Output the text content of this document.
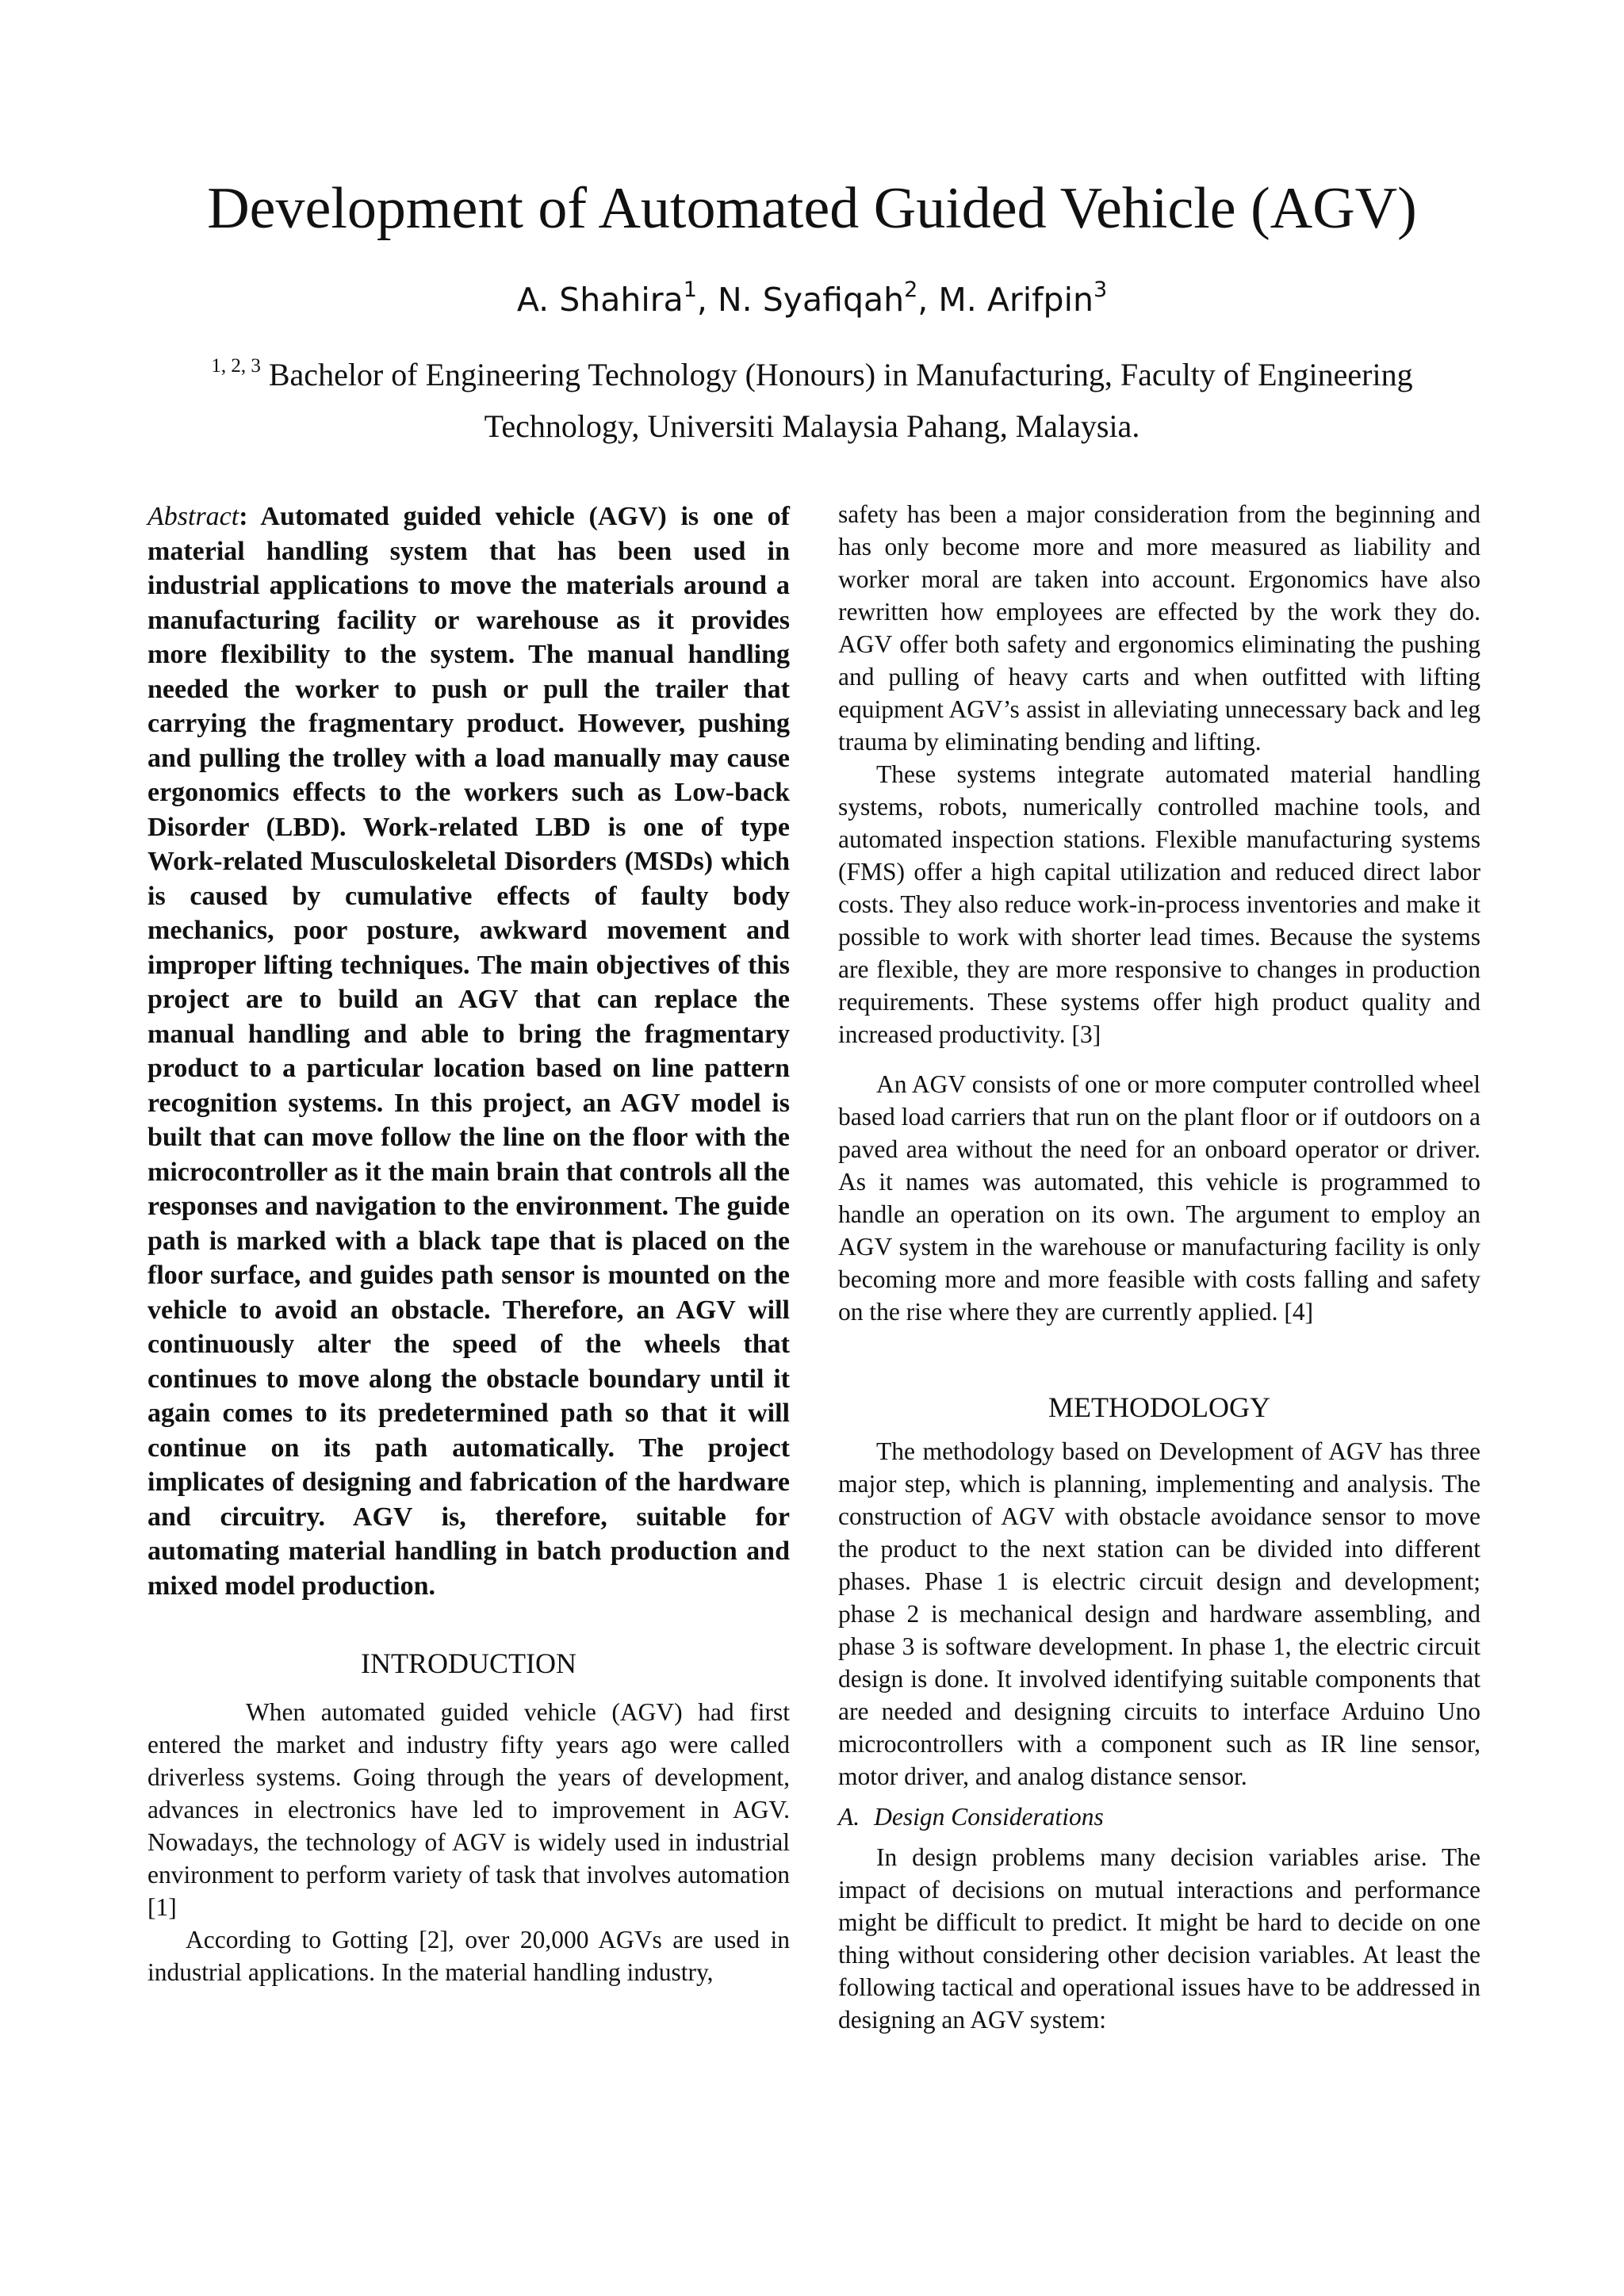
Development of Automated Guided Vehicle (AGV)

A. Shahira$^1$, N. Syafiqah$^2$, M. Arifpin$^3$

$^{1, 2, 3}$ Bachelor of Engineering Technology (Honours) in Manufacturing, Faculty of Engineering
Technology, Universiti Malaysia Pahang, Malaysia.

Abstract: Automated guided vehicle (AGV) is one of material handling system that has been used in industrial applications to move the materials around a manufacturing facility or warehouse as it provides more flexibility to the system. The manual handling needed the worker to push or pull the trailer that carrying the fragmentary product. However, pushing and pulling the trolley with a load manually may cause ergonomics effects to the workers such as Low-back Disorder (LBD). Work-related LBD is one of type Work-related Musculoskeletal Disorders (MSDs) which is caused by cumulative effects of faulty body mechanics, poor posture, awkward movement and improper lifting techniques. The main objectives of this project are to build an AGV that can replace the manual handling and able to bring the fragmentary product to a particular location based on line pattern recognition systems. In this project, an AGV model is built that can move follow the line on the floor with the microcontroller as it the main brain that controls all the responses and navigation to the environment. The guide path is marked with a black tape that is placed on the floor surface, and guides path sensor is mounted on the vehicle to avoid an obstacle. Therefore, an AGV will continuously alter the speed of the wheels that continues to move along the obstacle boundary until it again comes to its predetermined path so that it will continue on its path automatically. The project implicates of designing and fabrication of the hardware and circuitry. AGV is, therefore, suitable for automating material handling in batch production and mixed model production.

INTRODUCTION

When automated guided vehicle (AGV) had first entered the market and industry fifty years ago were called driverless systems. Going through the years of development, advances in electronics have led to improvement in AGV. Nowadays, the technology of AGV is widely used in industrial environment to perform variety of task that involves automation [1]

According to Gotting [2], over 20,000 AGVs are used in industrial applications. In the material handling industry,

safety has been a major consideration from the beginning and has only become more and more measured as liability and worker moral are taken into account. Ergonomics have also rewritten how employees are effected by the work they do. AGV offer both safety and ergonomics eliminating the pushing and pulling of heavy carts and when outfitted with lifting equipment AGV’s assist in alleviating unnecessary back and leg trauma by eliminating bending and lifting.

These systems integrate automated material handling systems, robots, numerically controlled machine tools, and automated inspection stations. Flexible manufacturing systems (FMS) offer a high capital utilization and reduced direct labor costs. They also reduce work-in-process inventories and make it possible to work with shorter lead times. Because the systems are flexible, they are more responsive to changes in production requirements. These systems offer high product quality and increased productivity. [3]

An AGV consists of one or more computer controlled wheel based load carriers that run on the plant floor or if outdoors on a paved area without the need for an onboard operator or driver. As it names was automated, this vehicle is programmed to handle an operation on its own. The argument to employ an AGV system in the warehouse or manufacturing facility is only becoming more and more feasible with costs falling and safety on the rise where they are currently applied. [4]

METHODOLOGY

The methodology based on Development of AGV has three major step, which is planning, implementing and analysis. The construction of AGV with obstacle avoidance sensor to move the product to the next station can be divided into different phases. Phase 1 is electric circuit design and development; phase 2 is mechanical design and hardware assembling, and phase 3 is software development. In phase 1, the electric circuit design is done. It involved identifying suitable components that are needed and designing circuits to interface Arduino Uno microcontrollers with a component such as IR line sensor, motor driver, and analog distance sensor.

A. Design Considerations

In design problems many decision variables arise. The impact of decisions on mutual interactions and performance might be difficult to predict. It might be hard to decide on one thing without considering other decision variables. At least the following tactical and operational issues have to be addressed in designing an AGV system:
